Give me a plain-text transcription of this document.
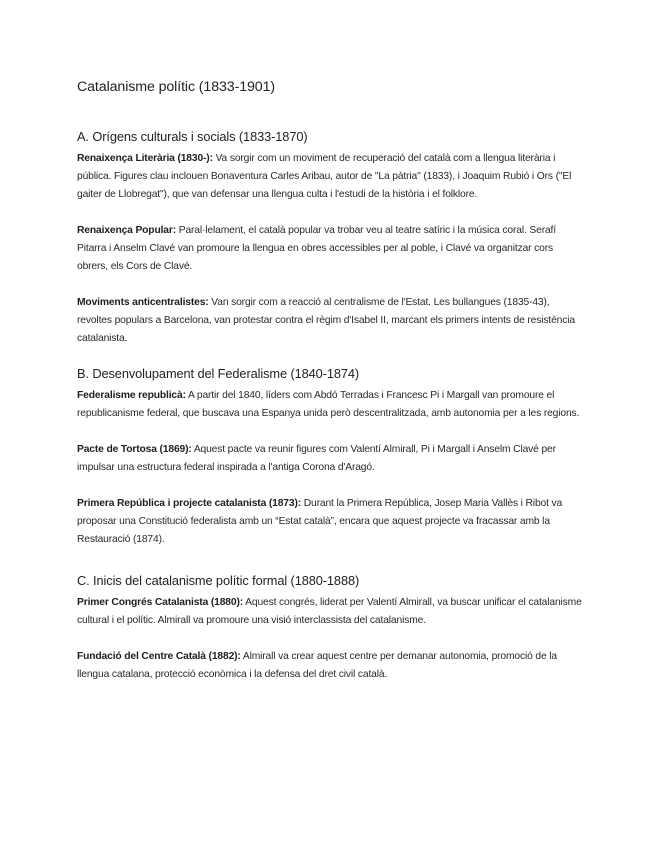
Catalanisme polític (1833-1901)
A. Orígens culturals i socials (1833-1870)

Renaixença Literària (1830-): Va sorgir com un moviment de recuperació del català com a llengua literària i pública. Figures clau inclouen Bonaventura Carles Aribau, autor de "La pàtria" (1833), i Joaquim Rubió i Ors ("El gaiter de Llobregat"), que van defensar una llengua culta i l'estudi de la història i el folklore.

Renaixença Popular: Paral·lelament, el català popular va trobar veu al teatre satíric i la música coral. Serafí Pitarra i Anselm Clavé van promoure la llengua en obres accessibles per al poble, i Clavé va organitzar cors obrers, els Cors de Clavé.

Moviments anticentralistes: Van sorgir com a reacció al centralisme de l'Estat. Les bullangues (1835-43), revoltes populars a Barcelona, van protestar contra el règim d'Isabel II, marcant els primers intents de resistència catalanista.

B. Desenvolupament del Federalisme (1840-1874)

Federalisme republicà: A partir del 1840, líders com Abdó Terradas i Francesc Pi i Margall van promoure el republicanisme federal, que buscava una Espanya unida però descentralitzada, amb autonomia per a les regions.

Pacte de Tortosa (1869): Aquest pacte va reunir figures com Valentí Almirall, Pi i Margall i Anselm Clavé per impulsar una estructura federal inspirada a l'antiga Corona d'Aragó.

Primera República i projecte catalanista (1873): Durant la Primera República, Josep Maria Vallès i Ribot va proposar una Constitució federalista amb un “Estat català”, encara que aquest projecte va fracassar amb la Restauració (1874).

C. Inicis del catalanisme polític formal (1880-1888)

Primer Congrés Catalanista (1880): Aquest congrés, liderat per Valentí Almirall, va buscar unificar el catalanisme cultural i el polític. Almirall va promoure una visió interclassista del catalanisme.

Fundació del Centre Català (1882): Almirall va crear aquest centre per demanar autonomia, promoció de la llengua catalana, protecció econòmica i la defensa del dret civil català.
